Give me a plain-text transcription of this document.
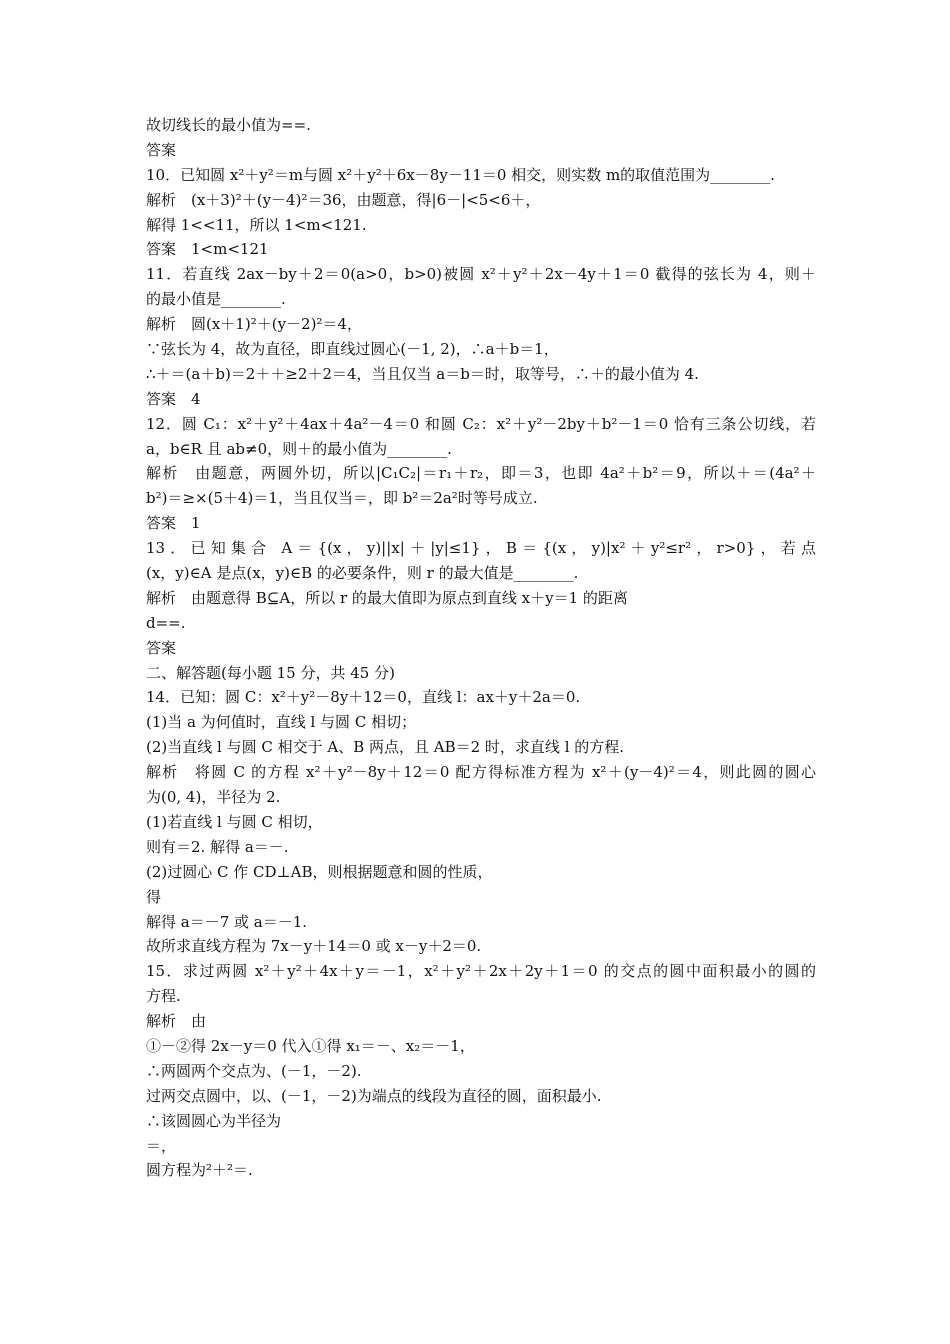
故切线长的最小值为==.

答案

10．已知圆 x²＋y²＝m与圆 x²＋y²＋6x－8y－11＝0 相交，则实数 m的取值范围为________.

解析　(x＋3)²＋(y－4)²＝36，由题意，得|6－|<5<6＋，

解得 1<<11，所以 1<m<121.

答案　1<m<121

11．若直线 2ax－by＋2＝0(a>0，b>0)被圆 x²＋y²＋2x－4y＋1＝0 截得的弦长为 4，则＋

的最小值是________.

解析　圆(x＋1)²＋(y－2)²＝4，

∵弦长为 4，故为直径，即直线过圆心(－1, 2)，∴a＋b＝1，

∴＋＝(a＋b)＝2＋＋≥2＋2＝4，当且仅当 a＝b＝时，取等号，∴＋的最小值为 4.

答案　4

12．圆 C₁：x²＋y²＋4ax＋4a²－4＝0 和圆 C₂：x²＋y²－2by＋b²－1＝0 恰有三条公切线，若

a，b∈R 且 ab≠0，则＋的最小值为________.

解析　由题意，两圆外切，所以|C₁C₂|＝r₁＋r₂，即＝3，也即 4a²＋b²＝9，所以＋＝(4a²＋

b²)＝≥×(5＋4)＝1，当且仅当＝，即 b²＝2a²时等号成立.

答案　1

13．已知集合 A＝{(x，y)||x|＋|y|≤1}，B＝{(x，y)|x²＋y²≤r²，r>0}，若点

(x，y)∈A 是点(x，y)∈B 的必要条件，则 r 的最大值是________.

解析　由题意得 B⊆A，所以 r 的最大值即为原点到直线 x＋y＝1 的距离

d==.

答案

二、解答题(每小题 15 分，共 45 分)

14．已知：圆 C：x²＋y²－8y＋12＝0，直线 l：ax＋y＋2a＝0.

(1)当 a 为何值时，直线 l 与圆 C 相切；

(2)当直线 l 与圆 C 相交于 A、B 两点，且 AB＝2 时，求直线 l 的方程.

解析　将圆 C 的方程 x²＋y²－8y＋12＝0 配方得标准方程为 x²＋(y－4)²＝4，则此圆的圆心

为(0, 4)，半径为 2.

(1)若直线 l 与圆 C 相切，

则有＝2. 解得 a＝－.

(2)过圆心 C 作 CD⊥AB，则根据题意和圆的性质，

得

解得 a＝－7 或 a＝－1.

故所求直线方程为 7x－y＋14＝0 或 x－y＋2＝0.

15．求过两圆 x²＋y²＋4x＋y＝－1，x²＋y²＋2x＋2y＋1＝0 的交点的圆中面积最小的圆的

方程.

解析　由

①－②得 2x－y＝0 代入①得 x₁＝－、x₂＝－1，

∴两圆两个交点为、(－1，－2).

过两交点圆中，以、(－1，－2)为端点的线段为直径的圆，面积最小.

∴该圆圆心为半径为

＝，

圆方程为²＋²＝.
